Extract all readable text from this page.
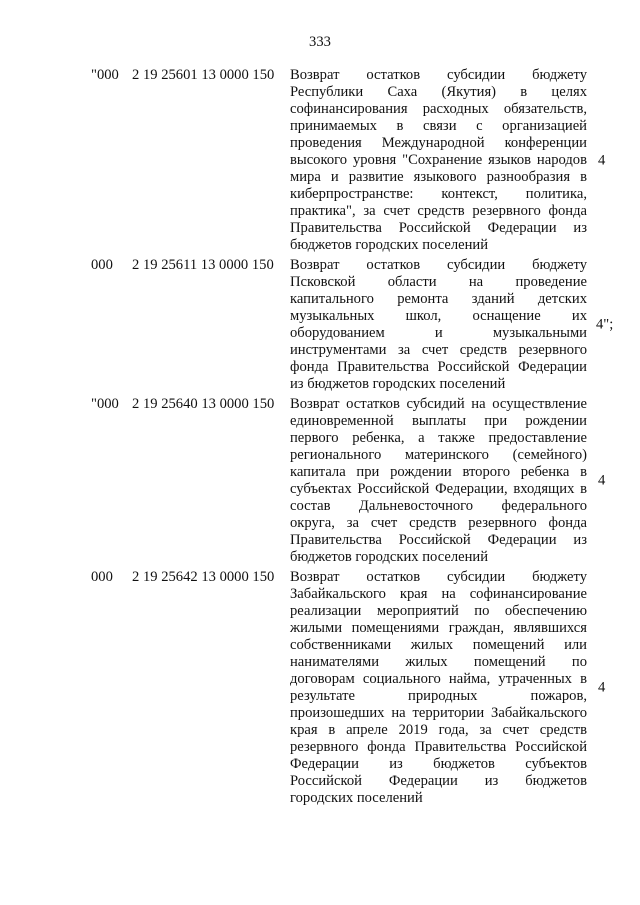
333
"000 2 19 25601 13 0000 150 Возврат остатков субсидии бюджету
Республики Саха (Якутия) в целях
софинансирования расходных обязательств,
принимаемых в связи с организацией
проведения Международной конференции
высокого уровня "Сохранение языков народов
мира и развитие языкового разнообразия в
киберпространстве: контекст, политика,
практика", за счет средств резервного фонда
Правительства Российской Федерации из
бюджетов городских поселений
4
000 2 19 25611 13 0000 150 Возврат остатков субсидии бюджету
Псковской области на проведение
капитального ремонта зданий детских
музыкальных школ, оснащение их
оборудованием и музыкальными
инструментами за счет средств резервного
фонда Правительства Российской Федерации
из бюджетов городских поселений
4";
"000 2 19 25640 13 0000 150 Возврат остатков субсидий на осуществление
единовременной выплаты при рождении
первого ребенка, а также предоставление
регионального материнского (семейного)
капитала при рождении второго ребенка в
субъектах Российской Федерации, входящих в
состав Дальневосточного федерального
округа, за счет средств резервного фонда
Правительства Российской Федерации из
бюджетов городских поселений
4
000 2 19 25642 13 0000 150 Возврат остатков субсидии бюджету
Забайкальского края на софинансирование
реализации мероприятий по обеспечению
жилыми помещениями граждан, являвшихся
собственниками жилых помещений или
нанимателями жилых помещений по
договорам социального найма, утраченных в
результате природных пожаров,
произошедших на территории Забайкальского
края в апреле 2019 года, за счет средств
резервного фонда Правительства Российской
Федерации из бюджетов субъектов
Российской Федерации из бюджетов
городских поселений
4
